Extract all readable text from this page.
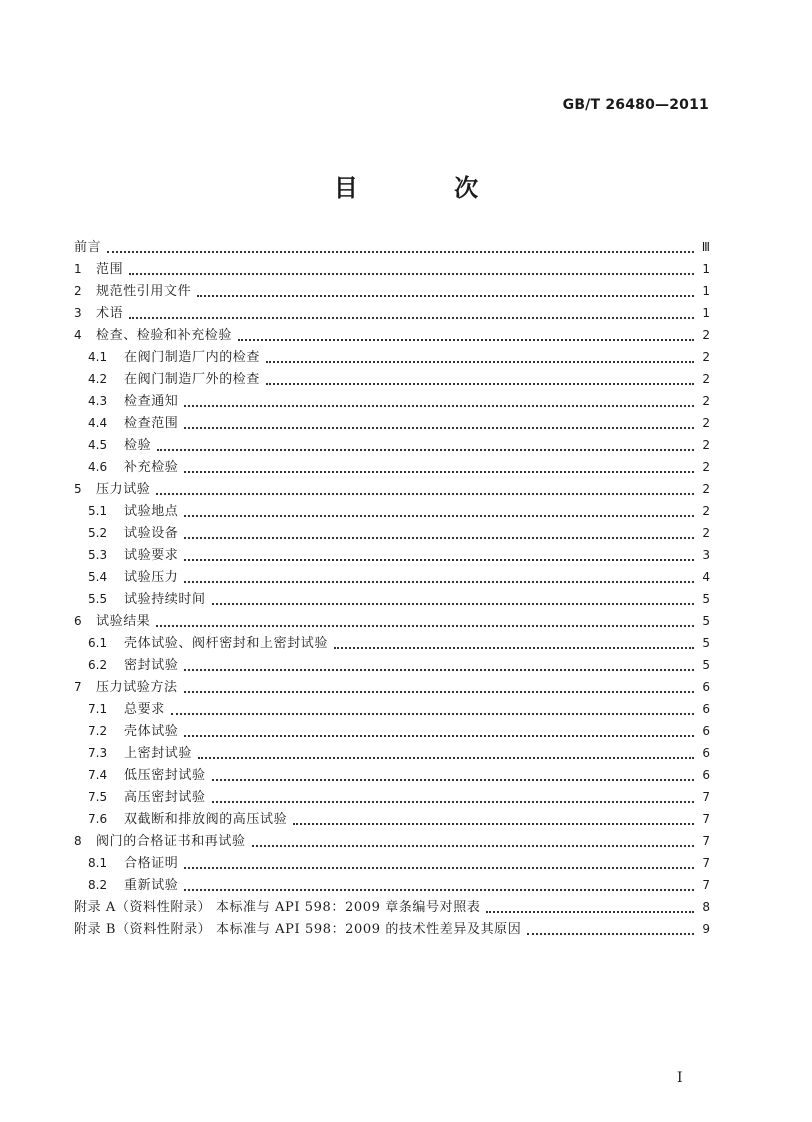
GB/T 26480—2011
目 次
前言	Ⅲ
1	范围	1
2	规范性引用文件	1
3	术语	1
4	检查、检验和补充检验	2
4.1	在阀门制造厂内的检查	2
4.2	在阀门制造厂外的检查	2
4.3	检查通知	2
4.4	检查范围	2
4.5	检验	2
4.6	补充检验	2
5	压力试验	2
5.1	试验地点	2
5.2	试验设备	2
5.3	试验要求	3
5.4	试验压力	4
5.5	试验持续时间	5
6	试验结果	5
6.1	壳体试验、阀杆密封和上密封试验	5
6.2	密封试验	5
7	压力试验方法	6
7.1	总要求	6
7.2	壳体试验	6
7.3	上密封试验	6
7.4	低压密封试验	6
7.5	高压密封试验	7
7.6	双截断和排放阀的高压试验	7
8	阀门的合格证书和再试验	7
8.1	合格证明	7
8.2	重新试验	7
附录 A（资料性附录） 本标准与 API 598：2009 章条编号对照表	8
附录 B（资料性附录） 本标准与 API 598：2009 的技术性差异及其原因	9
I
